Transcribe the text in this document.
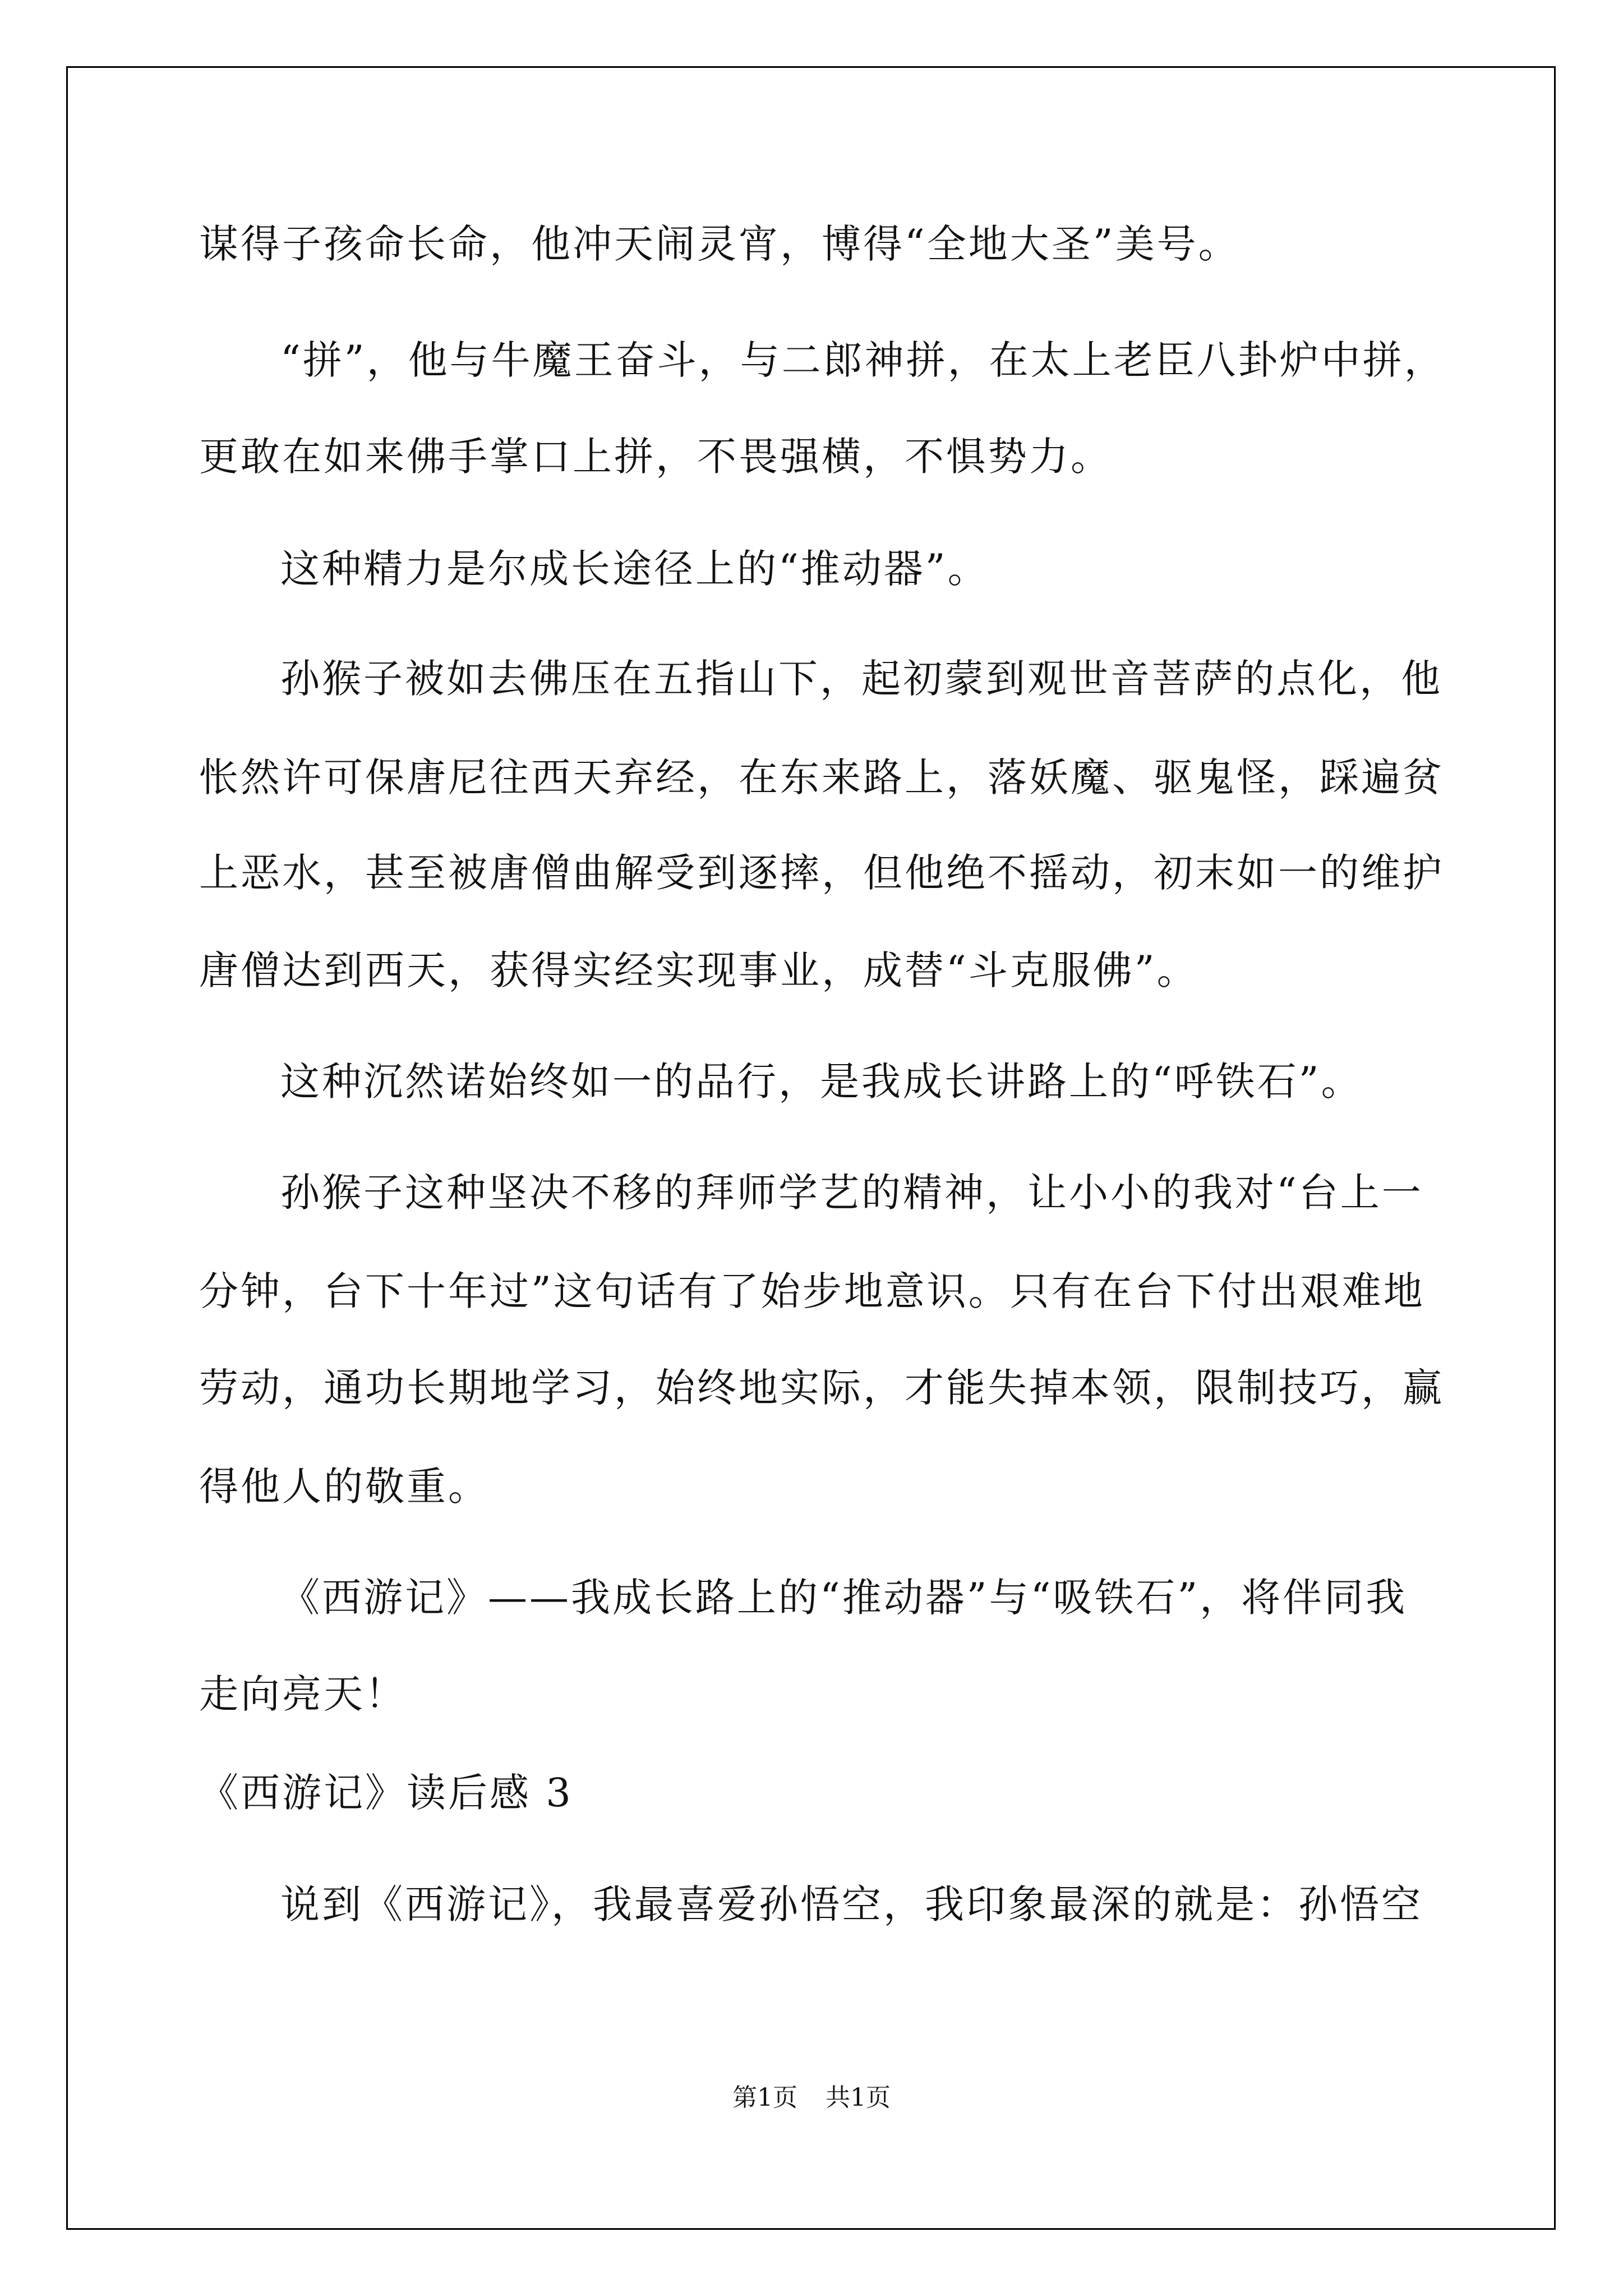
谋得子孩命长命，他冲天闹灵宵，博得“全地大圣”美号。
“拼”，他与牛魔王奋斗，与二郎神拼，在太上老臣八卦炉中拼，
更敢在如来佛手掌口上拼，不畏强横，不惧势力。
这种精力是尔成长途径上的“推动器”。
孙猴子被如去佛压在五指山下，起初蒙到观世音菩萨的点化，他
怅然许可保唐尼往西天弃经，在东来路上，落妖魔、驱鬼怪，踩遍贫
上恶水，甚至被唐僧曲解受到逐摔，但他绝不摇动，初末如一的维护
唐僧达到西天，获得实经实现事业，成替“斗克服佛”。
这种沉然诺始终如一的品行，是我成长讲路上的“呼铁石”。
孙猴子这种坚决不移的拜师学艺的精神，让小小的我对“台上一
分钟，台下十年过”这句话有了始步地意识。只有在台下付出艰难地
劳动，通功长期地学习，始终地实际，才能失掉本领，限制技巧，赢
得他人的敬重。
《西游记》——我成长路上的“推动器”与“吸铁石”，将伴同我
走向亮天！
《西游记》读后感 3
说到《西游记》，我最喜爱孙悟空，我印象最深的就是：孙悟空
第1页 共1页
